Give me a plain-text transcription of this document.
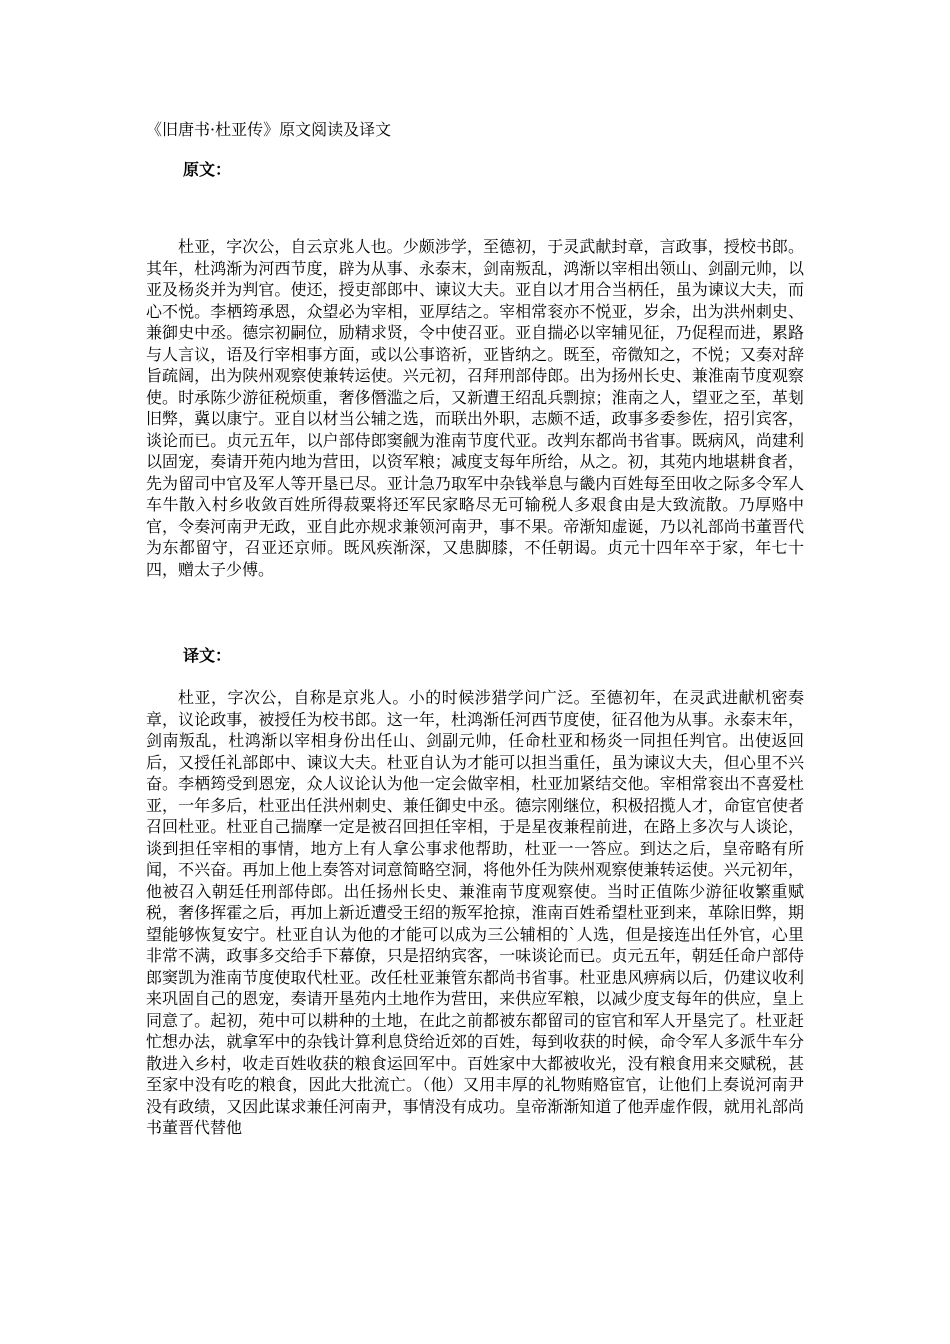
《旧唐书·杜亚传》原文阅读及译文
原文：

杜亚，字次公，自云京兆人也。少颇涉学，至德初，于灵武献封章，言政事，授校书郎。其年，杜鸿渐为河西节度，辟为从事、永泰末，剑南叛乱，鸿渐以宰相出领山、剑副元帅，以亚及杨炎并为判官。使还，授吏部郎中、谏议大夫。亚自以才用合当柄任，虽为谏议大夫，而心不悦。李栖筠承恩，众望必为宰相，亚厚结之。宰相常衮亦不悦亚，岁余，出为洪州刺史、兼御史中丞。德宗初嗣位，励精求贤，令中使召亚。亚自揣必以宰辅见征，乃促程而进，累路与人言议，语及行宰相事方面，或以公事谘祈，亚皆纳之。既至，帝微知之，不悦；又奏对辞旨疏阔，出为陕州观察使兼转运使。兴元初，召拜刑部侍郎。出为扬州长史、兼淮南节度观察使。时承陈少游征税烦重，奢侈僭滥之后，又新遭王绍乱兵剽掠；淮南之人，望亚之至，革刬旧弊，冀以康宁。亚自以材当公辅之选，而联出外职，志颇不适，政事多委参佐，招引宾客，谈论而已。贞元五年，以户部侍郎窦觎为淮南节度代亚。改判东都尚书省事。既病风，尚建利以固宠，奏请开苑内地为营田，以资军粮；减度支每年所给，从之。初，其苑内地堪耕食者，先为留司中官及军人等开垦已尽。亚计急乃取军中杂钱举息与畿内百姓每至田收之际多令军人车牛散入村乡收敛百姓所得菽粟将还军民家略尽无可输税人多艰食由是大致流散。乃厚赂中官，令奏河南尹无政，亚自此亦规求兼领河南尹，事不果。帝渐知虚诞，乃以礼部尚书董晋代为东都留守，召亚还京师。既风疾渐深，又患脚膝，不任朝谒。贞元十四年卒于家，年七十四，赠太子少傅。

译文：

杜亚，字次公，自称是京兆人。小的时候涉猎学问广泛。至德初年，在灵武进献机密奏章，议论政事，被授任为校书郎。这一年，杜鸿渐任河西节度使，征召他为从事。永泰末年，剑南叛乱，杜鸿渐以宰相身份出任山、剑副元帅，任命杜亚和杨炎一同担任判官。出使返回后，又授任礼部郎中、谏议大夫。杜亚自认为才能可以担当重任，虽为谏议大夫，但心里不兴奋。李栖筠受到恩宠，众人议论认为他一定会做宰相，杜亚加紧结交他。宰相常衮出不喜爱杜亚，一年多后，杜亚出任洪州刺史、兼任御史中丞。德宗刚继位，积极招揽人才，命宦官使者召回杜亚。杜亚自己揣摩一定是被召回担任宰相，于是星夜兼程前进，在路上多次与人谈论，谈到担任宰相的事情，地方上有人拿公事求他帮助，杜亚一一答应。到达之后，皇帝略有所闻，不兴奋。再加上他上奏答对词意简略空洞，将他外任为陕州观察使兼转运使。兴元初年，他被召入朝廷任刑部侍郎。出任扬州长史、兼淮南节度观察使。当时正值陈少游征收繁重赋税，奢侈挥霍之后，再加上新近遭受王绍的叛军抢掠，淮南百姓希望杜亚到来，革除旧弊，期望能够恢复安宁。杜亚自认为他的才能可以成为三公辅相的`人选，但是接连出任外官，心里非常不满，政事多交给手下幕僚，只是招纳宾客，一味谈论而已。贞元五年，朝廷任命户部侍郎窦凯为淮南节度使取代杜亚。改任杜亚兼管东都尚书省事。杜亚患风痹病以后，仍建议收利来巩固自己的恩宠，奏请开垦苑内土地作为营田，来供应军粮，以减少度支每年的供应，皇上同意了。起初，苑中可以耕种的土地，在此之前都被东都留司的宦官和军人开垦完了。杜亚赶忙想办法，就拿军中的杂钱计算利息贷给近郊的百姓，每到收获的时候，命令军人多派牛车分散进入乡村，收走百姓收获的粮食运回军中。百姓家中大都被收光，没有粮食用来交赋税，甚至家中没有吃的粮食，因此大批流亡。（他）又用丰厚的礼物贿赂宦官，让他们上奏说河南尹没有政绩，又因此谋求兼任河南尹，事情没有成功。皇帝渐渐知道了他弄虚作假，就用礼部尚书董晋代替他
